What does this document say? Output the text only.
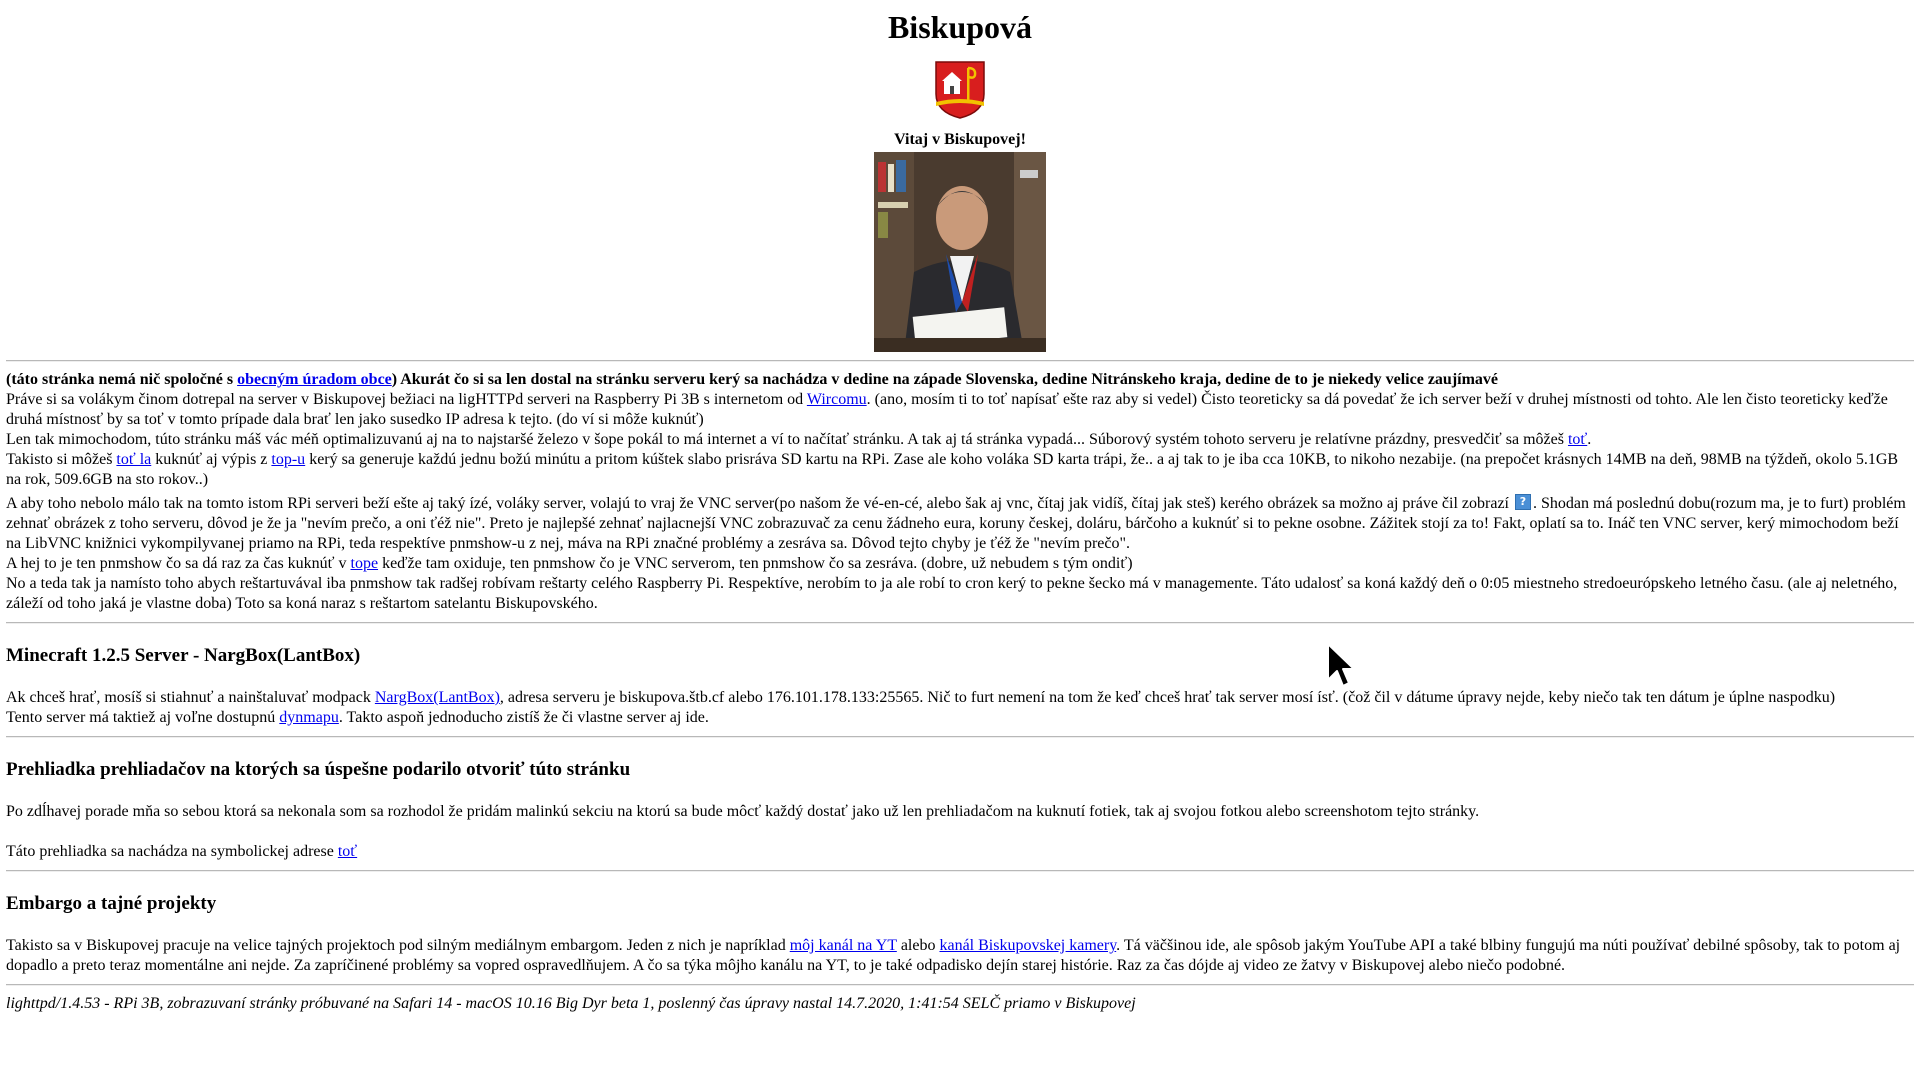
Biskupová
Vitaj v Biskupovej!

(táto stránka nemá nič spoločné s obecným úradom obce) Akurát čo si sa len dostal na stránku serveru kerý sa nachádza v dedine na západe Slovenska, dedine Nitránskeho kraja, dedine de to je niekedy velice zaujímavé

Práve si sa volákym činom dotrepal na server v Biskupovej bežiaci na ligHTTPd serveri na Raspberry Pi 3B s internetom od Wircomu. (ano, mosím ti to toť napísať ešte raz aby si vedel) Čisto teoreticky sa dá povedať že ich server beží v druhej místnosti od tohto. Ale len čisto teoreticky keďže druhá místnosť by sa toť v tomto prípade dala brať len jako susedko IP adresa k tejto. (do ví si môže kuknúť)

Len tak mimochodom, túto stránku máš vác méň optimalizuvanú aj na to najstaršé železo v šope pokál to má internet a ví to načítať stránku. A tak aj tá stránka vypadá... Súborový systém tohoto serveru je relatívne prázdny, presvedčiť sa môžeš toť.

Takisto si môžeš toť la kuknúť aj výpis z top-u kerý sa generuje každú jednu božú minútu a pritom kúštek slabo prisráva SD kartu na RPi. Zase ale koho voláka SD karta trápi, že.. a aj tak to je iba cca 10KB, to nikoho nezabije. (na prepočet krásnych 14MB na deň, 98MB na týždeň, okolo 5.1GB na rok, 509.6GB na sto rokov..)

A aby toho nebolo málo tak na tomto istom RPi serveri beží ešte aj taký ízé, voláky server, volajú to vraj že VNC server(po našom že vé-en-cé, alebo šak aj vnc, čítaj jak vidíš, čítaj jak steš) kerého obrázek sa možno aj práve čil zobrazí ? . Shodan má poslednú dobu(rozum ma, je to furt) problém zehnať obrázek z toho serveru, dôvod je že ja "nevím prečo, a oni ťéž nie". Preto je najlepšé zehnať najlacnejší VNC zobrazuvač za cenu žádneho eura, koruny českej, doláru, bárčoho a kuknúť si to pekne osobne. Zážitek stojí za to! Fakt, oplatí sa to. Ináč ten VNC server, kerý mimochodom beží na LibVNC knižnici vykompilуvanej priamo na RPi, teda respektíve pnmshow-u z nej, máva na RPi značné problémy a zesráva sa. Dôvod tejto chyby je ťéž že "nevím prečo".

A hej to je ten pnmshow čo sa dá raz za čas kuknúť v tope keďže tam oxiduje, ten pnmshow čo je VNC serverom, ten pnmshow čo sa zesráva. (dobre, už nebudem s tým ondiť)

No a teda tak ja namísto toho abych reštartuvával iba pnmshow tak radšej robívam reštarty celého Raspberry Pi. Respektíve, nerobím to ja ale robí to cron kerý to pekne šecko má v managemente. Táto udalosť sa koná každý deň o 0:05 miestneho stredoeurópskeho letného času. (ale aj neletného, záleží od toho jaká je vlastne doba) Toto sa koná naraz s reštartom satelantu Biskupovského.

Minecraft 1.2.5 Server - NargBox(LantBox)

Ak chceš hrať, mosíš si stiahnuť a nainštaluvať modpack NargBox(LantBox), adresa serveru je biskupova.štb.cf alebo 176.101.178.133:25565. Nič to furt nemení na tom že keď chceš hrať tak server mosí ísť. (čož čil v dátume úpravy nejde, keby niečo tak ten dátum je úplne naspodku)

Tento server má taktiež aj voľne dostupnú dynmapu. Takto aspoň jednoducho zistíš že či vlastne server aj ide.

Prehliadka prehliadačov na ktorých sa úspešne podarilo otvoriť túto stránku

Po zdĺhavej porade mňa so sebou ktorá sa nekonala som sa rozhodol že pridám malinkú sekciu na ktorú sa bude môcť každý dostať jako už len prehliadačom na kuknutí fotiek, tak aj svojou fotkou alebo screenshotom tejto stránky.

Táto prehliadka sa nachádza na symbolickej adrese toť

Embargo a tajné projekty

Takisto sa v Biskupovej pracuje na velice tajných projektoch pod silným mediálnym embargom. Jeden z nich je napríklad môj kanál na YT alebo kanál Biskupovskej kamery. Tá väčšinou ide, ale spôsob jakým YouTube API a také blbiny fungujú ma núti používať debilné spôsoby, tak to potom aj dopadlo a preto teraz momentálne ani nejde. Za zapríčinené problémy sa vopred ospravedlňujem. A čo sa týka môjho kanálu na YT, to je také odpadisko dejín starej histórie. Raz za čas dójde aj video ze žatvy v Biskupovej alebo niečo podobné.

lighttpd/1.4.53 - RPi 3B, zobrazuvaní stránky próbuvané na Safari 14 - macOS 10.16 Big Dyr beta 1, poslenný čas úpravy nastal 14.7.2020, 1:41:54 SELČ priamo v Biskupovej
